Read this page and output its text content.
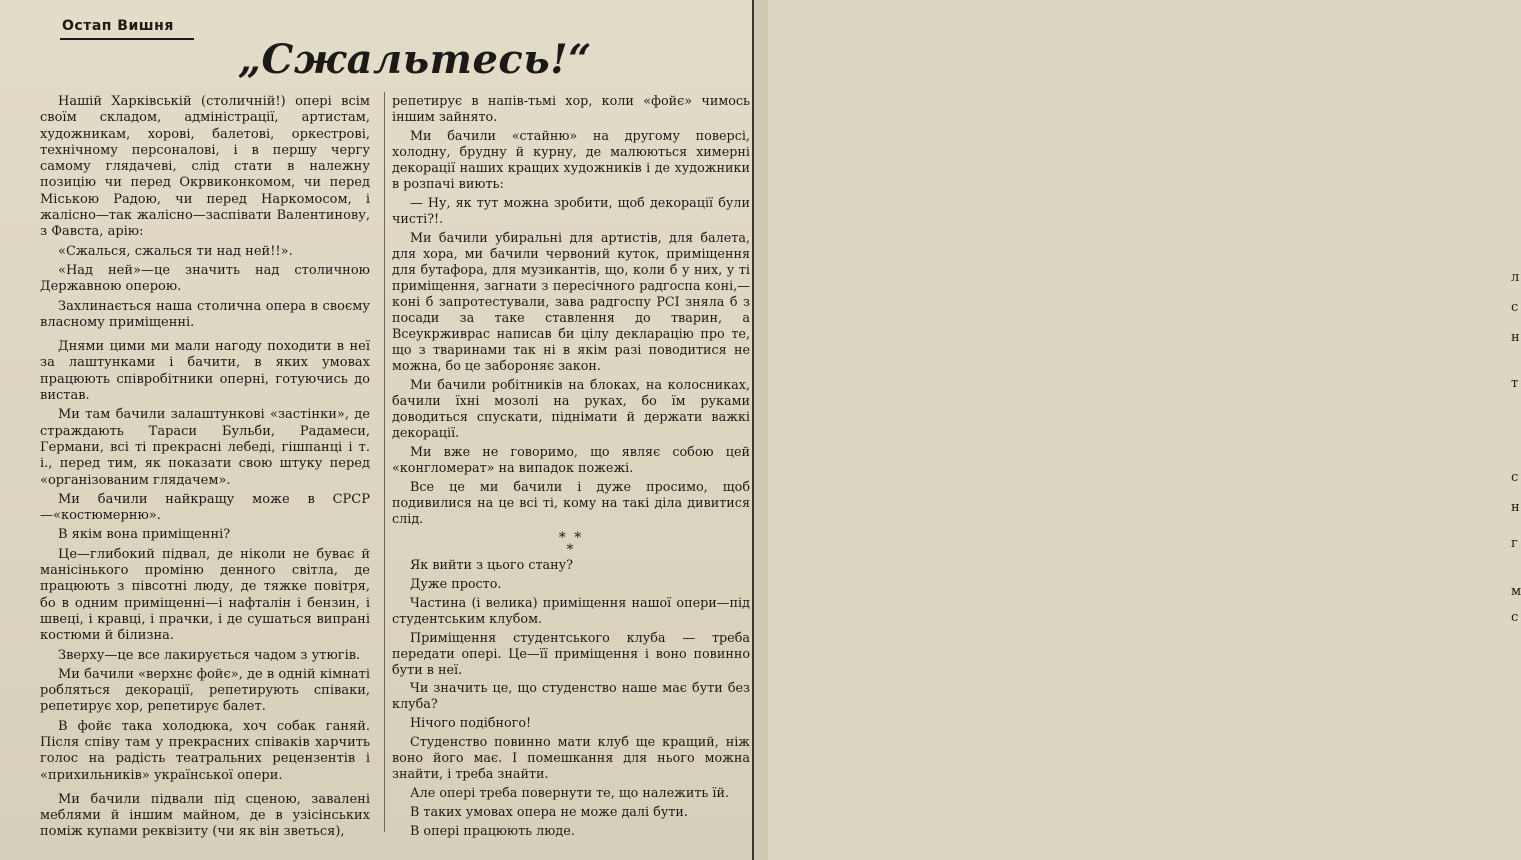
Остап Вишня
„Сжальтесь!“

Нашій Харківській (столичній!) опері всім своїм складом, адміністрації, артистам, художникам, хорові, балетові, оркестрові, технічному персоналові, і в першу чергу самому глядачеві, слід стати в належну позицію чи перед Окрвиконкомом, чи перед Міською Радою, чи перед Наркомосом, і жалісно—так жалісно—заспівати Валентинову, з Фавста, арію:

«Сжалься, сжалься ти над ней!!».

«Над ней»—це значить над столичною Державною оперою.

Захлинається наша столична опера в своєму власному приміщенні.

Днями цими ми мали нагоду походити в неї за лаштунками і бачити, в яких умовах працюють співробітники оперні, готуючись до вистав.

Ми там бачили залаштункові «застінки», де страждають Тараси Бульби, Радамеси, Германи, всі ті прекрасні лебеді, гішпанці і т. і., перед тим, як показати свою штуку перед «організованим глядачем».

Ми бачили найкращу може в СРСР—«костюмерню».

В якім вона приміщенні?

Це—глибокий підвал, де ніколи не буває й манісінького проміню денного світла, де працюють з півсотні люду, де тяжке повітря, бо в одним приміщенні—і нафталін і бензин, і швеці, і кравці, і прачки, і де сушаться випрані костюми й білизна.

Зверху—це все лакирується чадом з утюгів.

Ми бачили «верхнє фойє», де в одній кімнаті робляться декорації, репетирують співаки, репетирує хор, репетирує балет.

В фойє така холодюка, хоч собак ганяй. Після співу там у прекрасних співаків харчить голос на радість театральних рецензентів і «прихильників» української опери.

Ми бачили підвали під сценою, завалені меблями й іншим майном, де в узісінських поміж купами реквізиту (чи як він зветься),

репетирує в напів-тьмі хор, коли «фойє» чимось іншим зайнято.

Ми бачили «стайню» на другому поверсі, холодну, брудну й курну, де малюються химерні декорації наших кращих художників і де художники в розпачі виють:

— Ну, як тут можна зробити, щоб декорації були чисті?!.

Ми бачили убиральні для артистів, для балета, для хора, ми бачили червоний куток, приміщення для бутафора, для музикантів, що, коли б у них, у ті приміщення, загнати з пересічного радгоспа коні,—коні б запротестували, зава радгоспу РСІ зняла б з посади за таке ставлення до тварин, а Всеукрживрас написав би цілу декларацію про те, що з тваринами так ні в якім разі поводитися не можна, бо це забороняє закон.

Ми бачили робітників на блоках, на колосниках, бачили їхні мозолі на руках, бо їм руками доводиться спускати, піднімати й держати важкі декорації.

Ми вже не говоримо, що являє собою цей «конгломерат» на випадок пожежі.

Все це ми бачили і дуже просимо, щоб подивилися на це всі ті, кому на такі діла дивитися слід.

* *
*

Як вийти з цього стану?

Дуже просто.

Частина (і велика) приміщення нашої опери—під студентським клубом.

Приміщення студентського клуба — треба передати опері. Це—її приміщення і воно повинно бути в неї.

Чи значить це, що студенство наше має бути без клуба?

Нічого подібного!

Студенство повинно мати клуб ще кращий, ніж воно його має. І помешкання для нього можна знайти, і треба знайти.

Але опері треба повернути те, що належить їй.

В таких умовах опера не може далі бути.

В опері працюють люде.

л
с
н
т
с
н
г
м
с
